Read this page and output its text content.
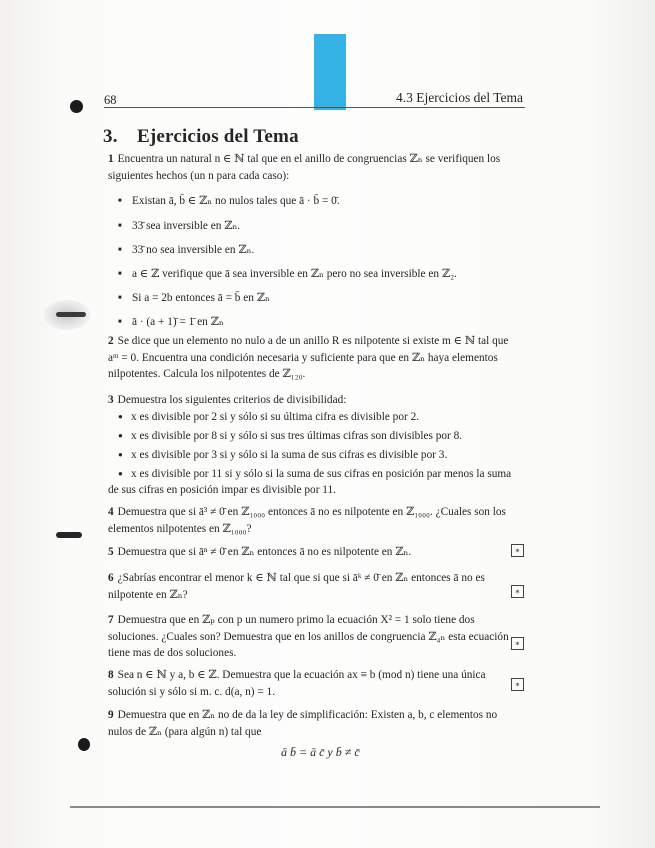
68	4.3 Ejercicios del Tema
3. Ejercicios del Tema
1 Encuentra un natural n ∈ ℕ tal que en el anillo de congruencias ℤₙ se verifiquen los
siguientes hechos (un n para cada caso):
■ Existan ā, b̄ ∈ ℤₙ no nulos tales que ā · b̄ = 0̄.
■ 33̄ sea inversible en ℤₙ.
■ 33̄ no sea inversible en ℤₙ.
■ a ∈ ℤ verifique que ā sea inversible en ℤₙ pero no sea inversible en ℤ₂.
■ Si a = 2b entonces ā = b̄ en ℤₙ
■ ā · (a + 1)̄ = 1̄ en ℤₙ
2 Se dice que un elemento no nulo a de un anillo R es nilpotente si existe m ∈ ℕ tal que
aᵐ = 0. Encuentra una condición necesaria y suficiente para que en ℤₙ haya elementos
nilpotentes. Calcula los nilpotentes de ℤ₁₂₀.
3 Demuestra los siguientes criterios de divisibilidad:
● x es divisible por 2 si y sólo si su última cifra es divisible por 2.
● x es divisible por 8 si y sólo si sus tres últimas cifras son divisibles por 8.
● x es divisible por 3 si y sólo si la suma de sus cifras es divisible por 3.
● x es divisible por 11 si y sólo si la suma de sus cifras en posición par menos la suma
de sus cifras en posición impar es divisible por 11.
4 Demuestra que si ā³ ≠ 0̄ en ℤ₁₀₀₀ entonces ā no es nilpotente en ℤ₁₀₀₀. ¿Cuales son los
elementos nilpotentes en ℤ₁₀₀₀?
5 Demuestra que si āⁿ ≠ 0̄ en ℤₙ entonces ā no es nilpotente en ℤₙ.	∗
6 ¿Sabrías encontrar el menor k ∈ ℕ tal que si que si āᵏ ≠ 0̄ en ℤₙ entonces ā no es
nilpotente en ℤₙ?	∗
7 Demuestra que en ℤₚ con p un numero primo la ecuación X² = 1 solo tiene dos
soluciones. ¿Cuales son? Demuestra que en los anillos de congruencia ℤ₄ₙ esta ecuación
tiene mas de dos soluciones.
∗
8 Sea n ∈ ℕ y a, b ∈ ℤ. Demuestra que la ecuación ax ≡ b (mod n) tiene una única
solución si y sólo si m. c. d(a, n) = 1.
∗
9 Demuestra que en ℤₙ no de da la ley de simplificación: Existen a, b, c elementos no
nulos de ℤₙ (para algún n) tal que
ā b̄ = ā c̄ y b̄ ≠ c̄
